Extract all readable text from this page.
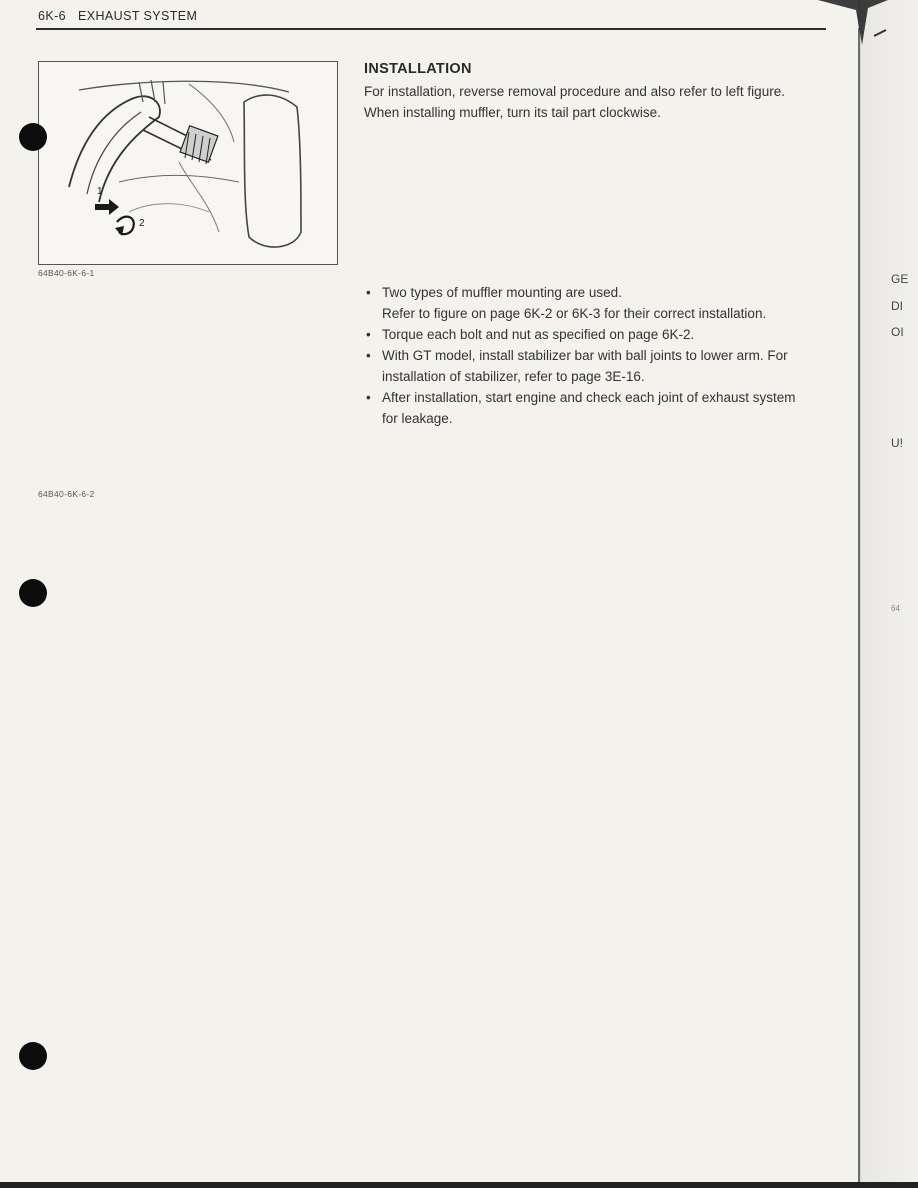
6K-6 EXHAUST SYSTEM
1
2
64B40-6K-6-1
64B40-6K-6-2
INSTALLATION

For installation, reverse removal procedure and also refer to left figure.

When installing muffler, turn its tail part clockwise.

• Two types of muffler mounting are used.

Refer to figure on page 6K-2 or 6K-3 for their correct installation.

• Torque each bolt and nut as specified on page 6K-2.

• With GT model, install stabilizer bar with ball joints to lower arm. For installation of stabilizer, refer to page 3E-16.

• After installation, start engine and check each joint of exhaust system for leakage.

GE
DI
OI
U!
64
